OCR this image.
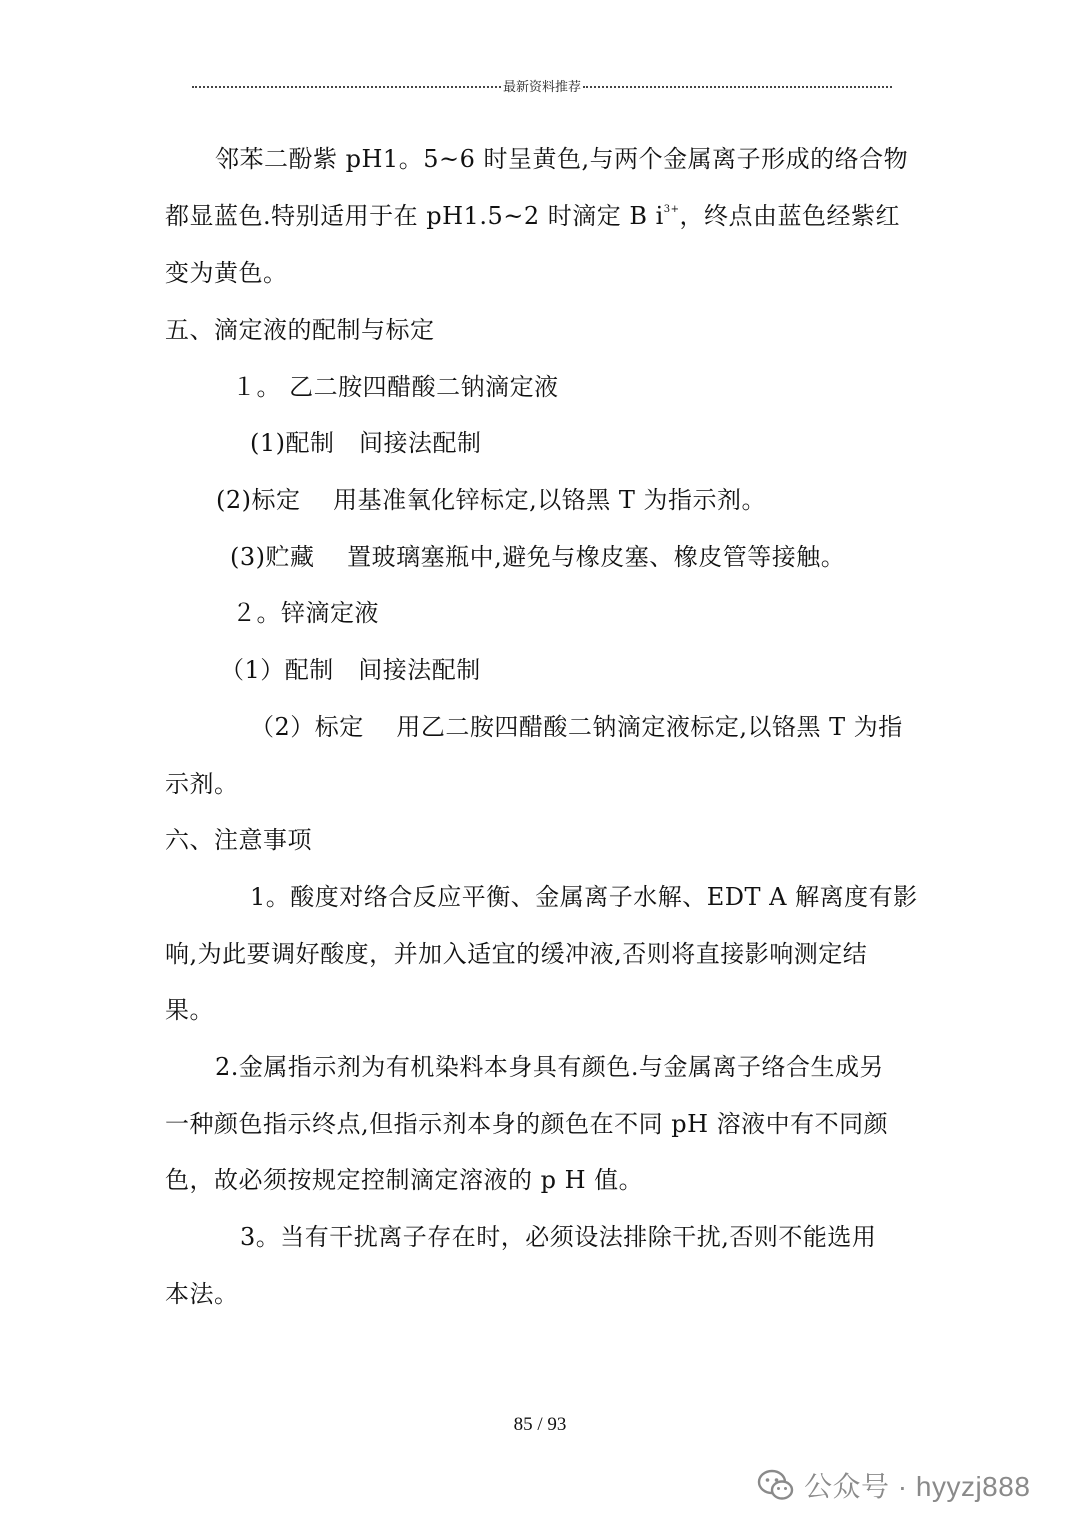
最新资料推荐
邻苯二酚紫 pH1。5~6 时呈黄色,与两个金属离子形成的络合物
都显蓝色.特别适用于在 pH1.5~2 时滴定 B $i^{3+}$，终点由蓝色经紫红
变为黄色。
五、滴定液的配制与标定
１。 乙二胺四醋酸二钠滴定液
(1)配制　间接法配制
(2)标定　 用基准氧化锌标定,以铬黑 T 为指示剂。
(3)贮藏　 置玻璃塞瓶中,避免与橡皮塞、橡皮管等接触。
２。锌滴定液
（1）配制　间接法配制
（2）标定　 用乙二胺四醋酸二钠滴定液标定,以铬黑 T 为指
示剂。
六、注意事项
1。酸度对络合反应平衡、金属离子水解、EDT A 解离度有影
响,为此要调好酸度，并加入适宜的缓冲液,否则将直接影响测定结
果。
2.金属指示剂为有机染料本身具有颜色.与金属离子络合生成另
一种颜色指示终点,但指示剂本身的颜色在不同 pH 溶液中有不同颜
色，故必须按规定控制滴定溶液的 p H 值。
3。当有干扰离子存在时，必须设法排除干扰,否则不能选用
本法。
85 / 93
公众号 · hyyzj888
